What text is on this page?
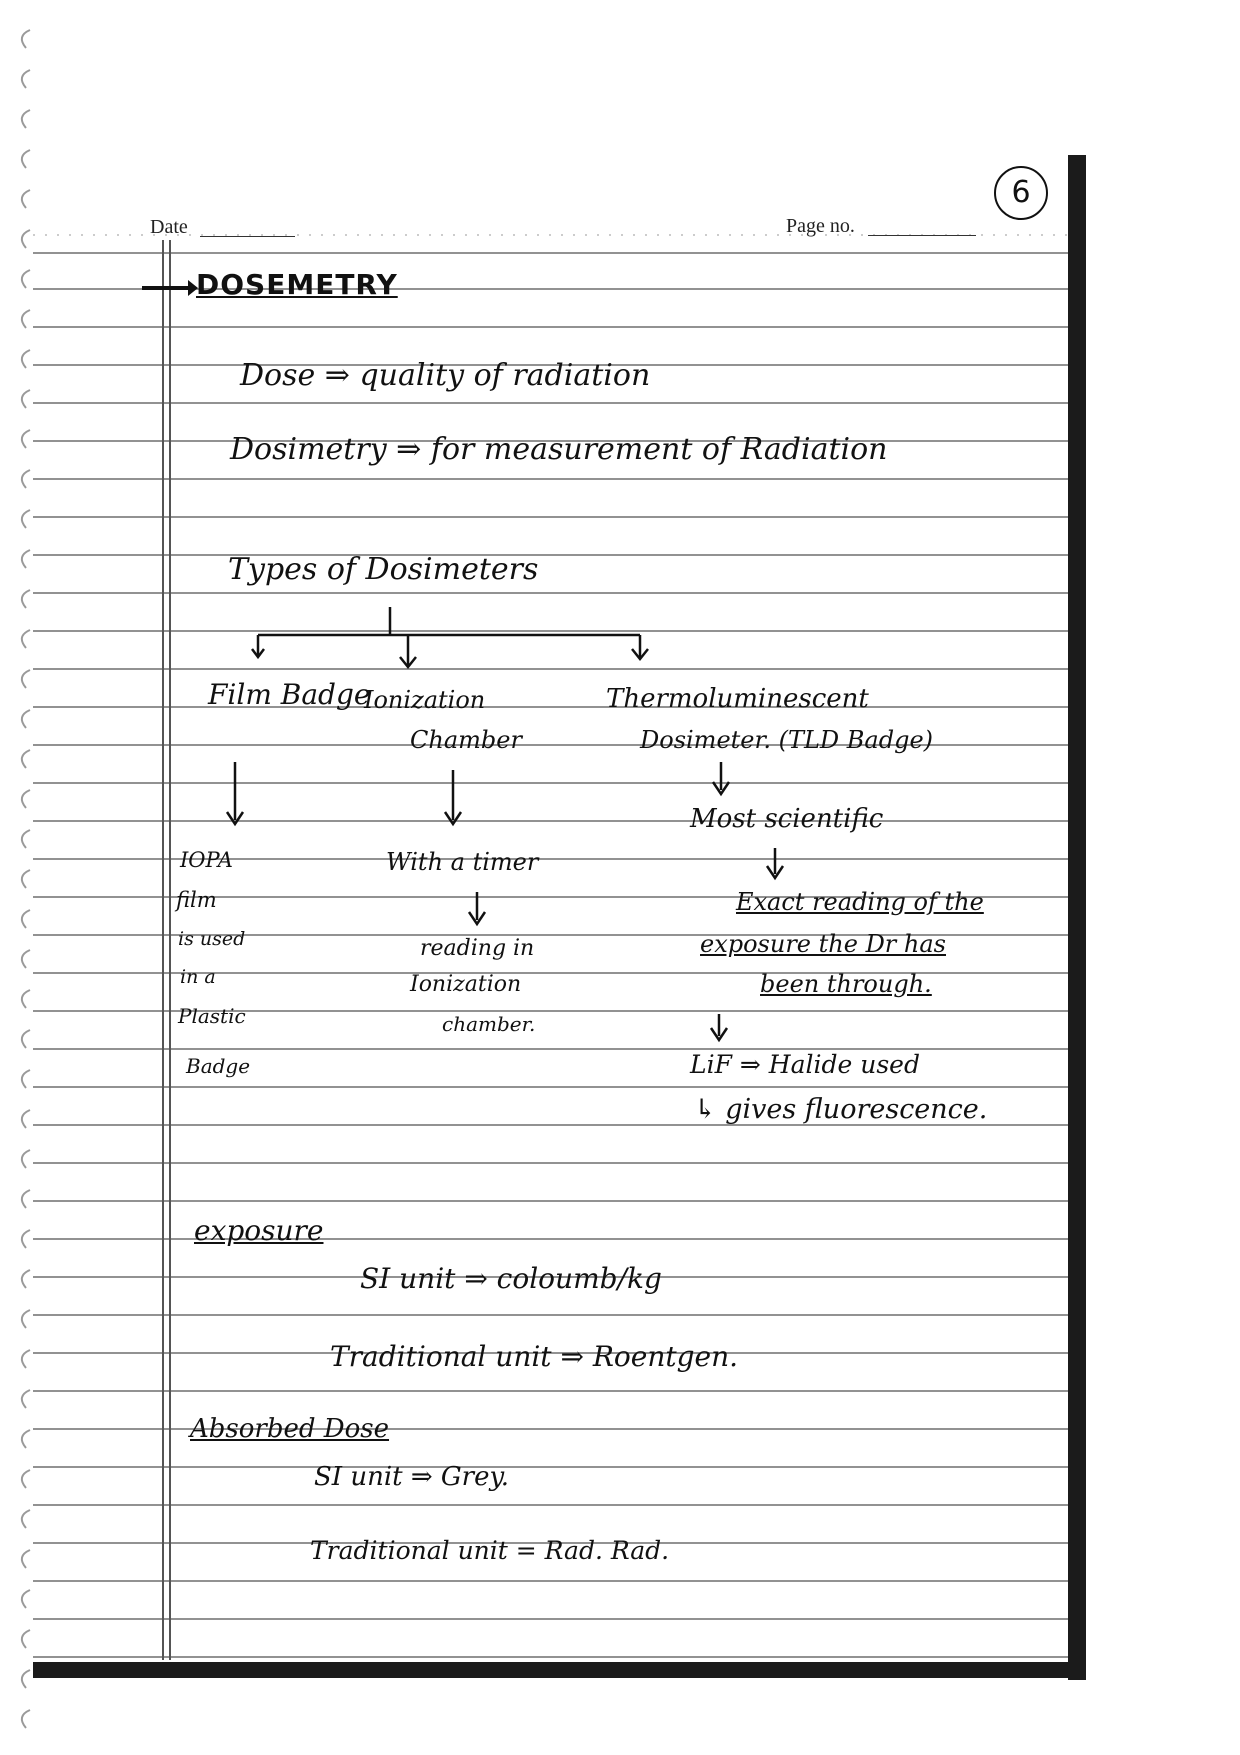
Date	Page no.
6
DOSEMETRY
Dose ⇒ quality of radiation
Dosimetry ⇒ for measurement of Radiation
Types of Dosimeters
Film Badge
IOPA
film
is used
in a
Plastic
Badge
Ionization
Chamber
With a timer
reading in
Ionization
chamber.
Thermoluminescent
Dosimeter. (TLD Badge)
Most scientific
Exact reading of the
exposure the Dr has
been through.
LiF ⇒ Halide used
↳ gives fluorescence.
exposure
SI unit ⇒ coloumb/kg
Traditional unit ⇒ Roentgen.
Absorbed Dose
SI unit ⇒ Grey.
Traditional unit = Rad. Rad.
